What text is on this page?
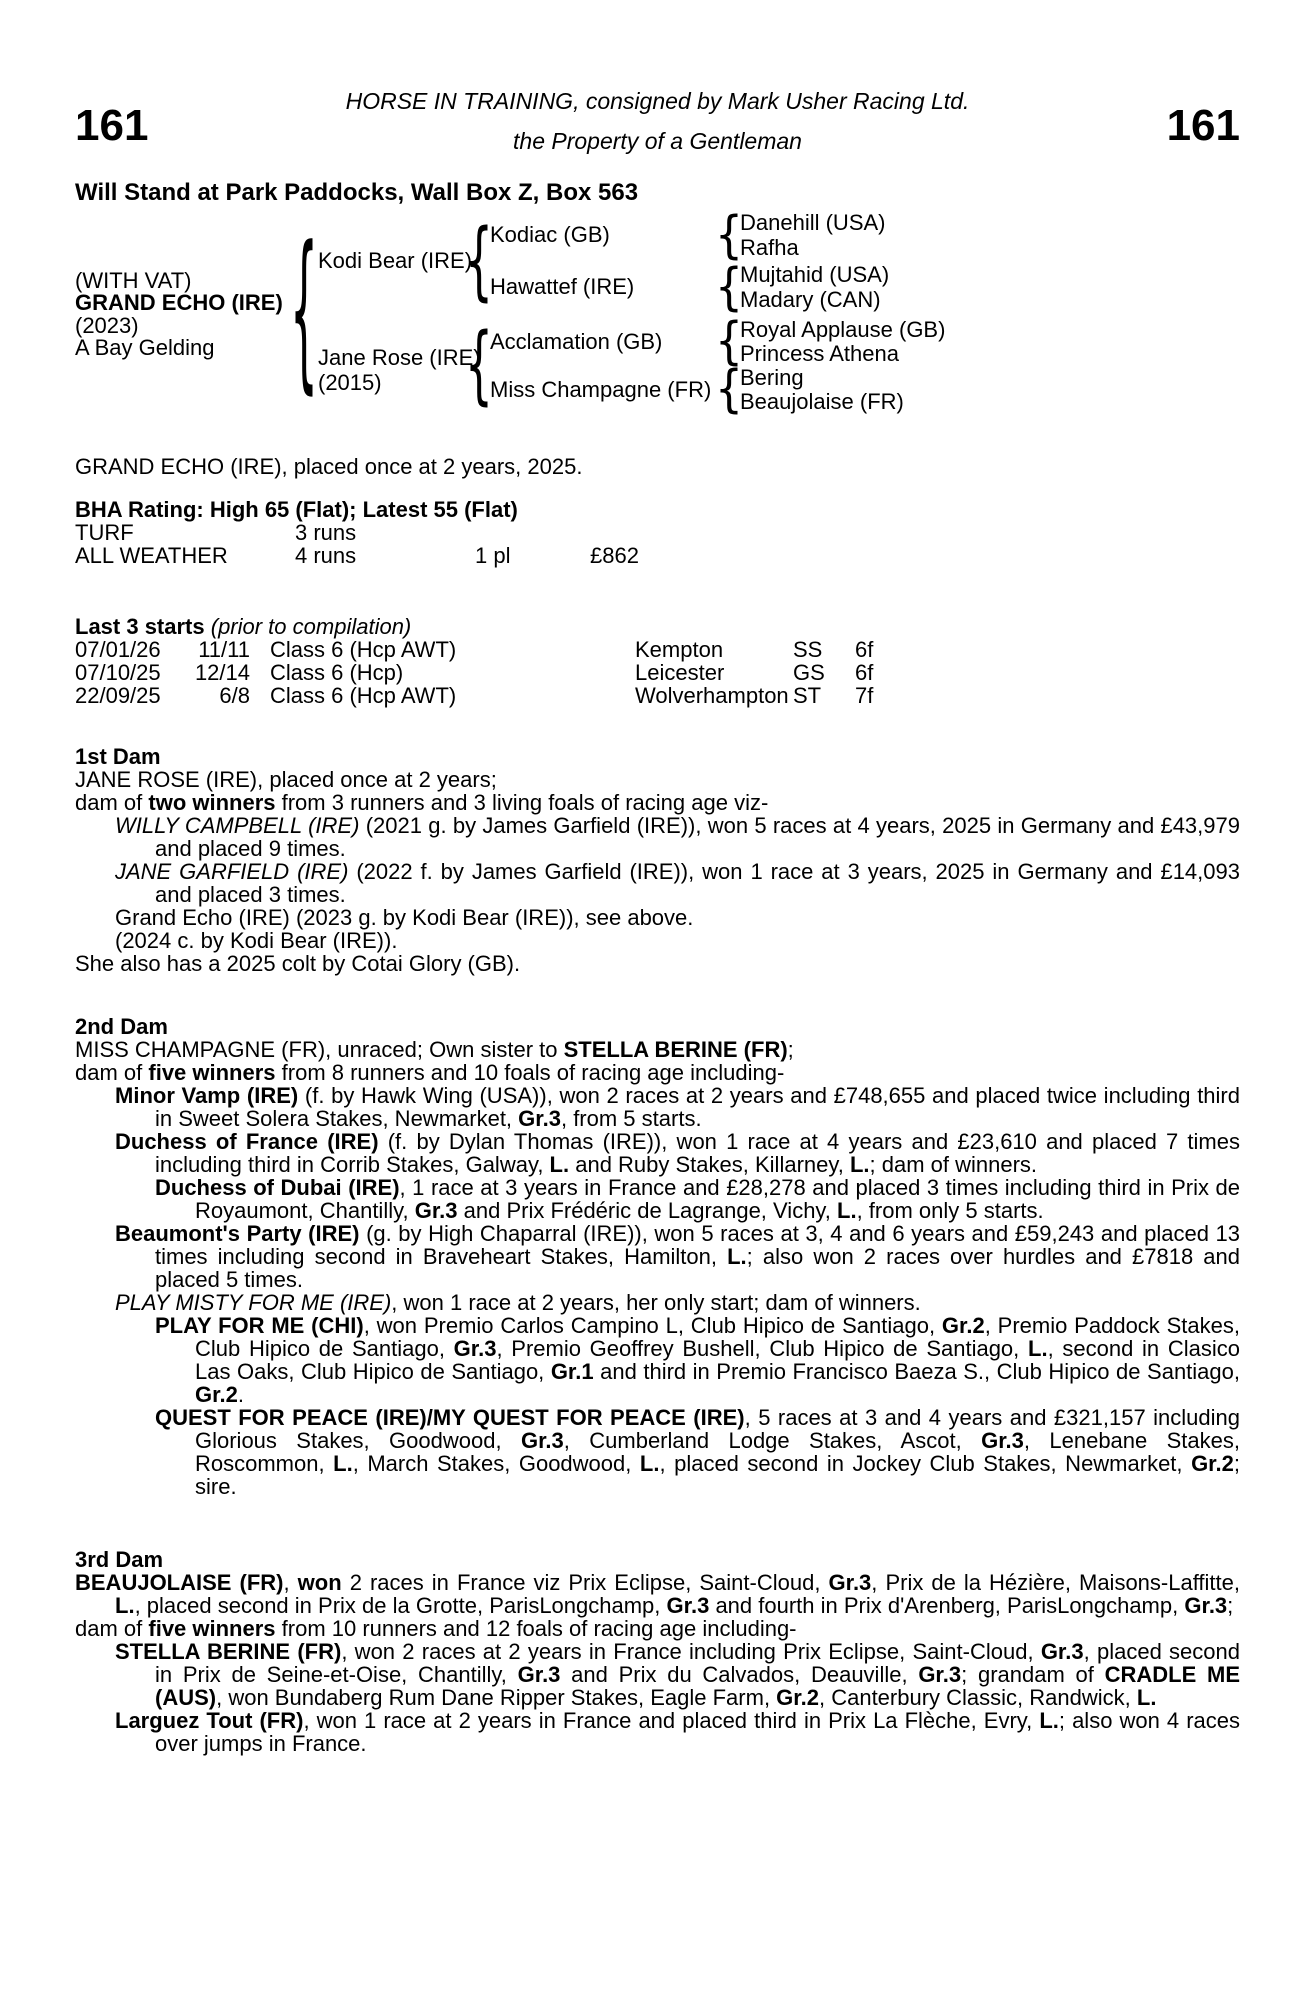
HORSE IN TRAINING, consigned by Mark Usher Racing Ltd.
161	161
the Property of a Gentleman
Will Stand at Park Paddocks, Wall Box Z, Box 563
(WITH VAT)
GRAND ECHO (IRE)
(2023)
A Bay Gelding { Kodi Bear (IRE)
Jane Rose (IRE)
(2015)
{
{
Kodiac (GB)
Hawattef (IRE)
Acclamation (GB)
Miss Champagne (FR)
{
{
{
{
Danehill (USA)
Rafha
Mujtahid (USA)
Madary (CAN)
Royal Applause (GB)
Princess Athena
Bering
Beaujolaise (FR)
GRAND ECHO (IRE), placed once at 2 years, 2025.
BHA Rating: High 65 (Flat); Latest 55 (Flat)
TURF	3 runs
ALL WEATHER	4 runs	1 pl	£862
Last 3 starts (prior to compilation)
07/01/26	11/11 Class 6 (Hcp AWT)	Kempton	SS 6f
07/10/25	12/14 Class 6 (Hcp)	Leicester	GS 6f
22/09/25	6/8 Class 6 (Hcp AWT)	Wolverhampton ST 7f
1st Dam

JANE ROSE (IRE), placed once at 2 years;

dam of two winners from 3 runners and 3 living foals of racing age viz-

WILLY CAMPBELL (IRE) (2021 g. by James Garfield (IRE)), won 5 races at 4 years, 2025 in Germany and £43,979 and placed 9 times.

JANE GARFIELD (IRE) (2022 f. by James Garfield (IRE)), won 1 race at 3 years, 2025 in Germany and £14,093 and placed 3 times.

Grand Echo (IRE) (2023 g. by Kodi Bear (IRE)), see above.

(2024 c. by Kodi Bear (IRE)).

She also has a 2025 colt by Cotai Glory (GB).

2nd Dam

MISS CHAMPAGNE (FR), unraced; Own sister to STELLA BERINE (FR);

dam of five winners from 8 runners and 10 foals of racing age including-

Minor Vamp (IRE) (f. by Hawk Wing (USA)), won 2 races at 2 years and £748,655 and placed twice including third in Sweet Solera Stakes, Newmarket, Gr.3, from 5 starts.

Duchess of France (IRE) (f. by Dylan Thomas (IRE)), won 1 race at 4 years and £23,610 and placed 7 times including third in Corrib Stakes, Galway, L. and Ruby Stakes, Killarney, L.; dam of winners.

Duchess of Dubai (IRE), 1 race at 3 years in France and £28,278 and placed 3 times including third in Prix de Royaumont, Chantilly, Gr.3 and Prix Frédéric de Lagrange, Vichy, L., from only 5 starts.

Beaumont's Party (IRE) (g. by High Chaparral (IRE)), won 5 races at 3, 4 and 6 years and £59,243 and placed 13 times including second in Braveheart Stakes, Hamilton, L.; also won 2 races over hurdles and £7818 and placed 5 times.

PLAY MISTY FOR ME (IRE), won 1 race at 2 years, her only start; dam of winners.

PLAY FOR ME (CHI), won Premio Carlos Campino L, Club Hipico de Santiago, Gr.2, Premio Paddock Stakes, Club Hipico de Santiago, Gr.3, Premio Geoffrey Bushell, Club Hipico de Santiago, L., second in Clasico Las Oaks, Club Hipico de Santiago, Gr.1 and third in Premio Francisco Baeza S., Club Hipico de Santiago, Gr.2.

QUEST FOR PEACE (IRE)/MY QUEST FOR PEACE (IRE), 5 races at 3 and 4 years and £321,157 including Glorious Stakes, Goodwood, Gr.3, Cumberland Lodge Stakes, Ascot, Gr.3, Lenebane Stakes, Roscommon, L., March Stakes, Goodwood, L., placed second in Jockey Club Stakes, Newmarket, Gr.2; sire.

3rd Dam

BEAUJOLAISE (FR), won 2 races in France viz Prix Eclipse, Saint-Cloud, Gr.3, Prix de la Hézière, Maisons-Laffitte, L., placed second in Prix de la Grotte, ParisLongchamp, Gr.3 and fourth in Prix d'Arenberg, ParisLongchamp, Gr.3;

dam of five winners from 10 runners and 12 foals of racing age including-

STELLA BERINE (FR), won 2 races at 2 years in France including Prix Eclipse, Saint-Cloud, Gr.3, placed second in Prix de Seine-et-Oise, Chantilly, Gr.3 and Prix du Calvados, Deauville, Gr.3; grandam of CRADLE ME (AUS), won Bundaberg Rum Dane Ripper Stakes, Eagle Farm, Gr.2, Canterbury Classic, Randwick, L.

Larguez Tout (FR), won 1 race at 2 years in France and placed third in Prix La Flèche, Evry, L.; also won 4 races over jumps in France.
